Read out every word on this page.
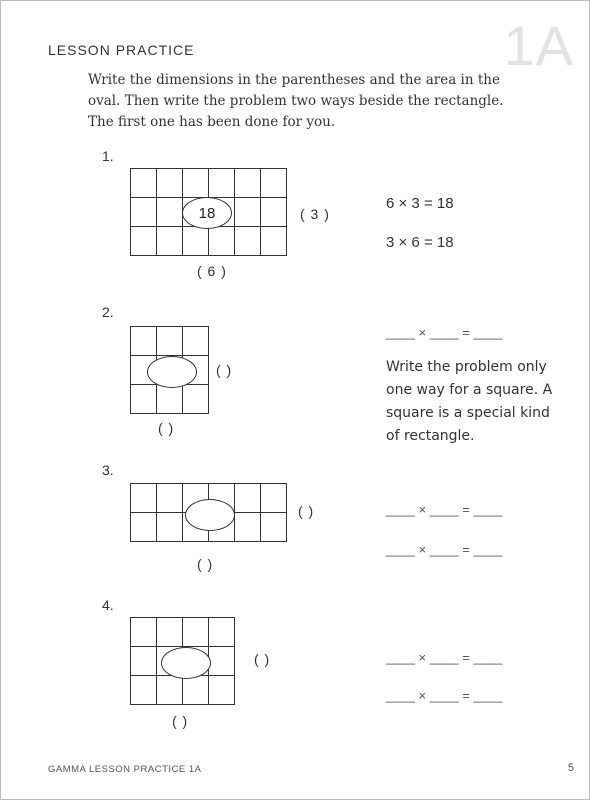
1A
LESSON PRACTICE
Write the dimensions in the parentheses and the area in the oval. Then write the problem two ways beside the rectangle. The first one has been done for you.
1.

18	( 3 )
( 6 )
6 × 3 = 18
3 × 6 = 18
2.

( )
( )
____ × ____ = ____
Write the problem only one way for a square. A square is a special kind of rectangle.
3.

( )
( )
____ × ____ = ____
____ × ____ = ____
4.

( )
( )
____ × ____ = ____
____ × ____ = ____
GAMMA LESSON PRACTICE 1A	5
